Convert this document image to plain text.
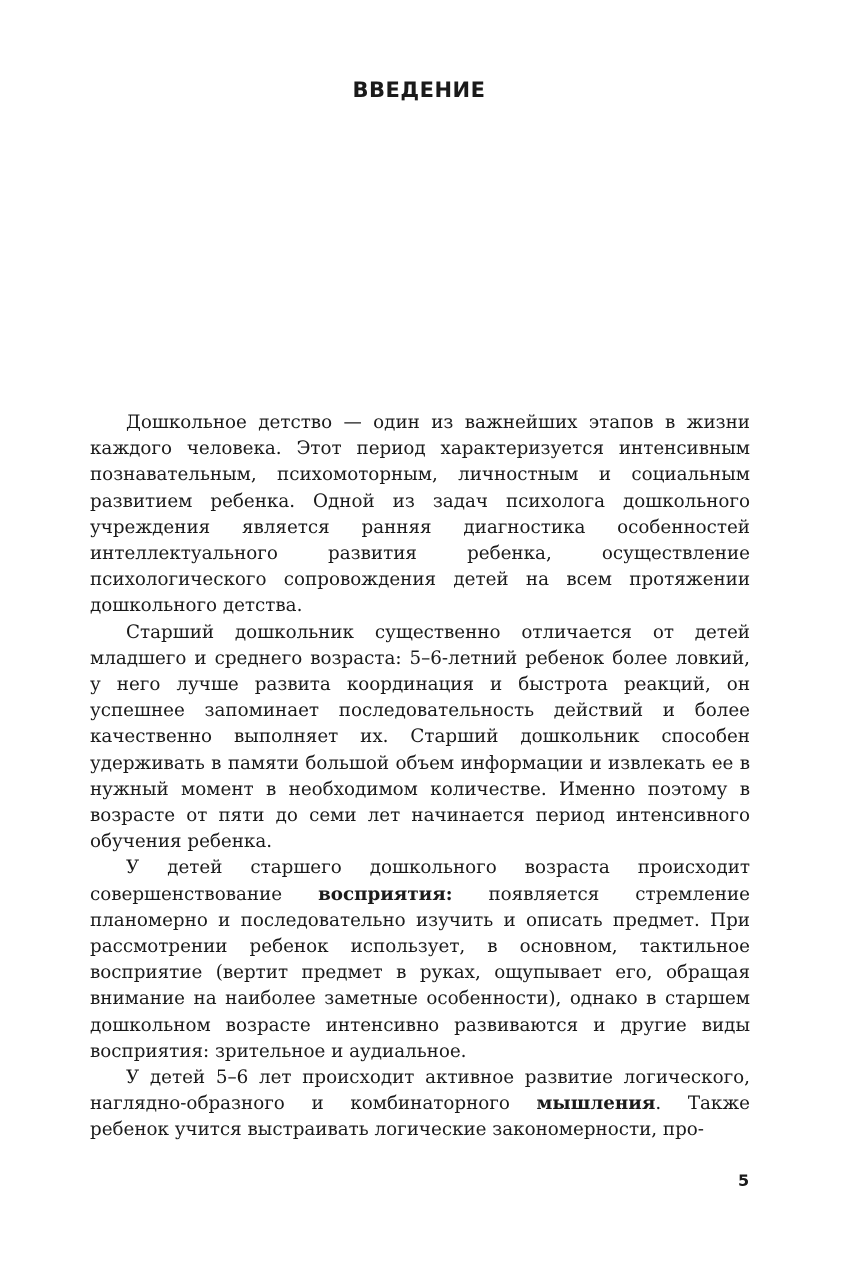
ВВЕДЕНИЕ

Дошкольное детство — один из важнейших этапов в жизни каждого человека. Этот период характеризуется интенсивным познавательным, психомоторным, личностным и социальным развитием ребенка. Одной из задач психолога дошкольного учреждения является ранняя диагностика особенностей интеллектуального развития ребенка, осуществление психологического сопровождения детей на всем протяжении дошкольного детства.

Старший дошкольник существенно отличается от детей младшего и среднего возраста: 5–6-летний ребенок более ловкий, у него лучше развита координация и быстрота реакций, он успешнее запоминает последовательность действий и более качественно выполняет их. Старший дошкольник способен удерживать в памяти большой объем информации и извлекать ее в нужный момент в необходимом количестве. Именно поэтому в возрасте от пяти до семи лет начинается период интенсивного обучения ребенка.

У детей старшего дошкольного возраста происходит совершенствование восприятия: появляется стремление планомерно и последовательно изучить и описать предмет. При рассмотрении ребенок использует, в основном, тактильное восприятие (вертит предмет в руках, ощупывает его, обращая внимание на наиболее заметные особенности), однако в старшем дошкольном возрасте интенсивно развиваются и другие виды восприятия: зрительное и аудиальное.

У детей 5–6 лет происходит активное развитие логического, наглядно-образного и комбинаторного мышления. Также ребенок учится выстраивать логические закономерности, про-

5
